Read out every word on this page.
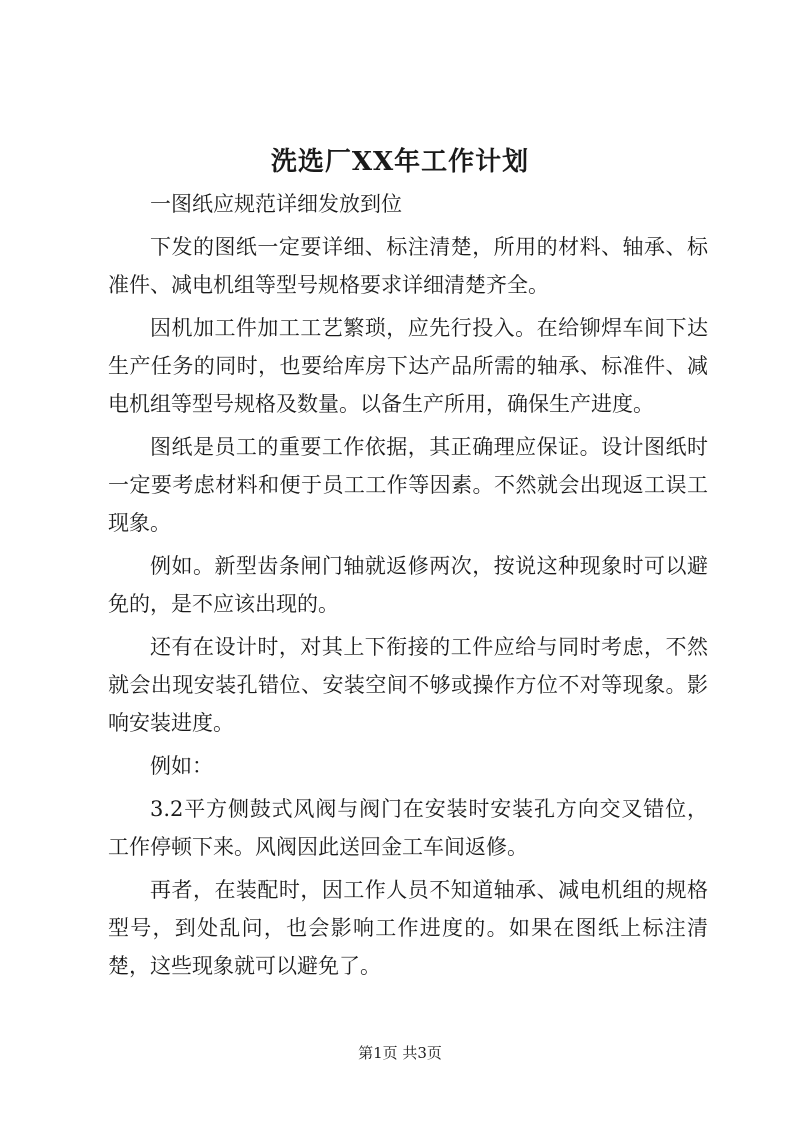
洗选厂XX年工作计划

一图纸应规范详细发放到位

下发的图纸一定要详细、标注清楚，所用的材料、轴承、标准件、减电机组等型号规格要求详细清楚齐全。

因机加工件加工工艺繁琐，应先行投入。在给铆焊车间下达生产任务的同时，也要给库房下达产品所需的轴承、标准件、减电机组等型号规格及数量。以备生产所用，确保生产进度。

图纸是员工的重要工作依据，其正确理应保证。设计图纸时一定要考虑材料和便于员工工作等因素。不然就会出现返工误工现象。

例如。新型齿条闸门轴就返修两次，按说这种现象时可以避免的，是不应该出现的。

还有在设计时，对其上下衔接的工件应给与同时考虑，不然就会出现安装孔错位、安装空间不够或操作方位不对等现象。影响安装进度。

例如：

3.2平方侧鼓式风阀与阀门在安装时安装孔方向交叉错位，工作停顿下来。风阀因此送回金工车间返修。

再者，在装配时，因工作人员不知道轴承、减电机组的规格型号，到处乱问，也会影响工作进度的。如果在图纸上标注清楚，这些现象就可以避免了。

第1页 共3页
